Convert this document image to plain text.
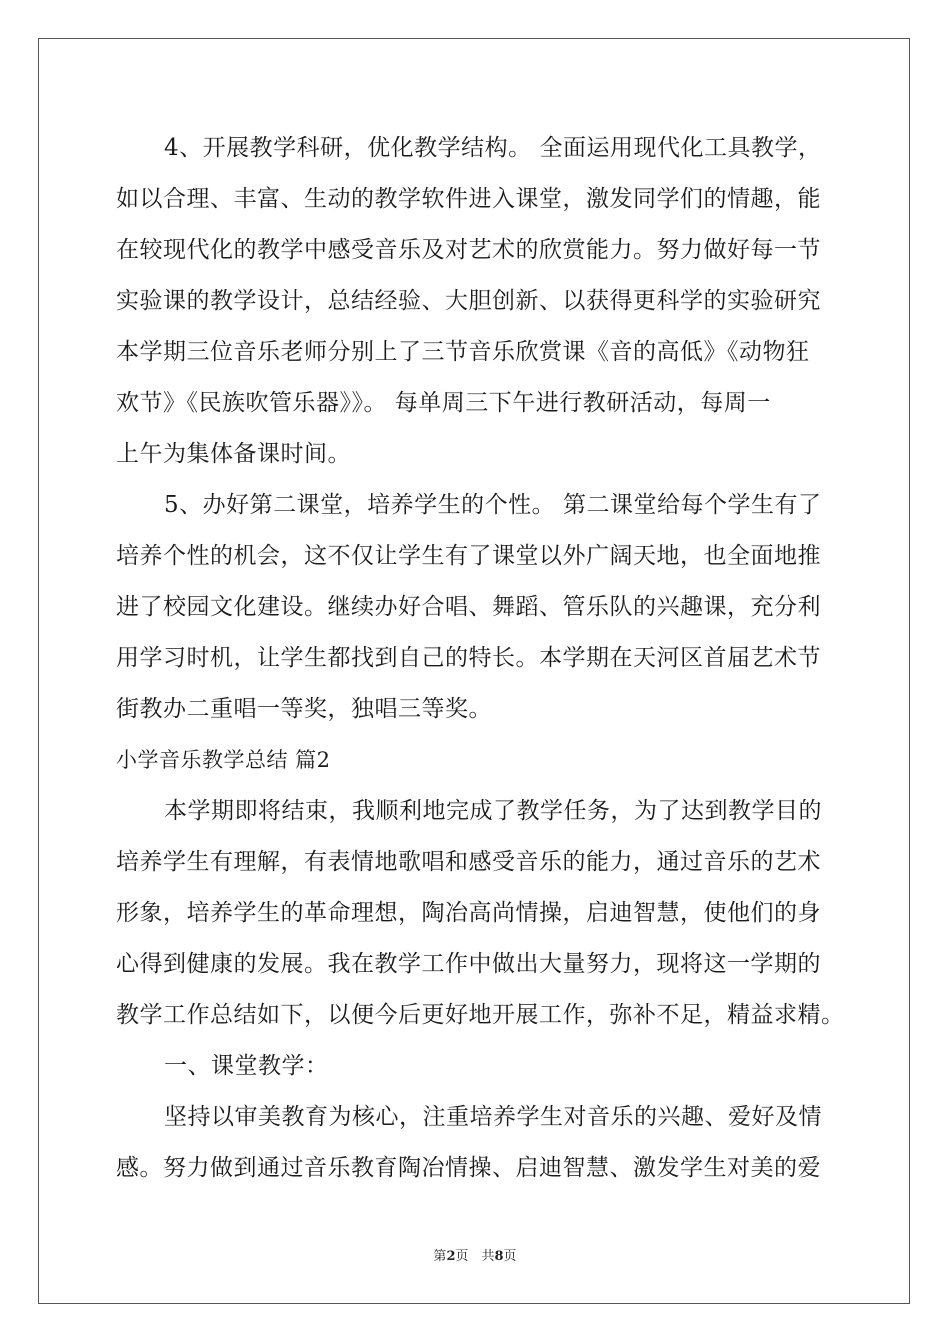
4、开展教学科研，优化教学结构。 全面运用现代化工具教学，
如以合理、丰富、生动的教学软件进入课堂，激发同学们的情趣，能
在较现代化的教学中感受音乐及对艺术的欣赏能力。努力做好每一节
实验课的教学设计，总结经验、大胆创新、以获得更科学的实验研究
本学期三位音乐老师分别上了三节音乐欣赏课《音的高低》《动物狂
欢节》《民族吹管乐器》》。 每单周三下午进行教研活动，每周一
上午为集体备课时间。
5、办好第二课堂，培养学生的个性。 第二课堂给每个学生有了
培养个性的机会，这不仅让学生有了课堂以外广阔天地，也全面地推
进了校园文化建设。继续办好合唱、舞蹈、管乐队的兴趣课，充分利
用学习时机，让学生都找到自己的特长。本学期在天河区首届艺术节
街教办二重唱一等奖，独唱三等奖。
小学音乐教学总结 篇2
本学期即将结束，我顺利地完成了教学任务，为了达到教学目的
培养学生有理解，有表情地歌唱和感受音乐的能力，通过音乐的艺术
形象，培养学生的革命理想，陶冶高尚情操，启迪智慧，使他们的身
心得到健康的发展。我在教学工作中做出大量努力，现将这一学期的
教学工作总结如下，以便今后更好地开展工作，弥补不足，精益求精。
一、课堂教学：
坚持以审美教育为核心，注重培养学生对音乐的兴趣、爱好及情
感。努力做到通过音乐教育陶冶情操、启迪智慧、激发学生对美的爱
第2页　共8页
